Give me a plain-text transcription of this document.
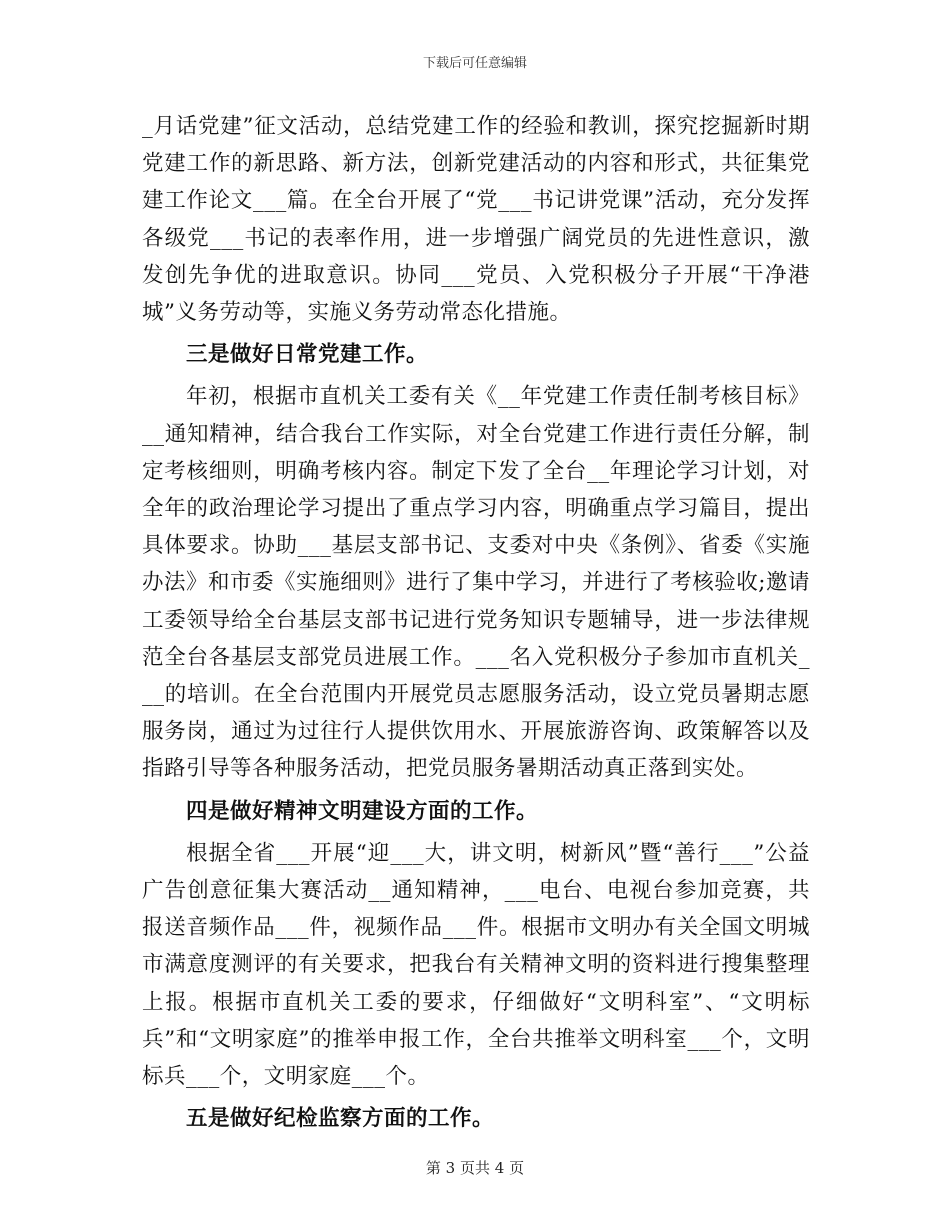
下载后可任意编辑

_月话党建”征文活动，总结党建工作的经验和教训，探究挖掘新时期党建工作的新思路、新方法，创新党建活动的内容和形式，共征集党建工作论文___篇。在全台开展了“党___书记讲党课”活动，充分发挥各级党___书记的表率作用，进一步增强广阔党员的先进性意识，激发创先争优的进取意识。协同___党员、入党积极分子开展“干净港城”义务劳动等，实施义务劳动常态化措施。

三是做好日常党建工作。

年初，根据市直机关工委有关《__年党建工作责任制考核目标》__通知精神，结合我台工作实际，对全台党建工作进行责任分解，制定考核细则，明确考核内容。制定下发了全台__年理论学习计划，对全年的政治理论学习提出了重点学习内容，明确重点学习篇目，提出具体要求。协助___基层支部书记、支委对中央《条例》、省委《实施办法》和市委《实施细则》进行了集中学习，并进行了考核验收;邀请工委领导给全台基层支部书记进行党务知识专题辅导，进一步法律规范全台各基层支部党员进展工作。___名入党积极分子参加市直机关___的培训。在全台范围内开展党员志愿服务活动，设立党员暑期志愿服务岗，通过为过往行人提供饮用水、开展旅游咨询、政策解答以及指路引导等各种服务活动，把党员服务暑期活动真正落到实处。

四是做好精神文明建设方面的工作。

根据全省___开展“迎___大，讲文明，树新风”暨“善行___”公益广告创意征集大赛活动__通知精神，___电台、电视台参加竞赛，共报送音频作品___件，视频作品___件。根据市文明办有关全国文明城市满意度测评的有关要求，把我台有关精神文明的资料进行搜集整理上报。根据市直机关工委的要求，仔细做好“文明科室”、“文明标兵”和“文明家庭”的推举申报工作，全台共推举文明科室___个，文明标兵___个，文明家庭___个。

五是做好纪检监察方面的工作。

第 3 页共 4 页
